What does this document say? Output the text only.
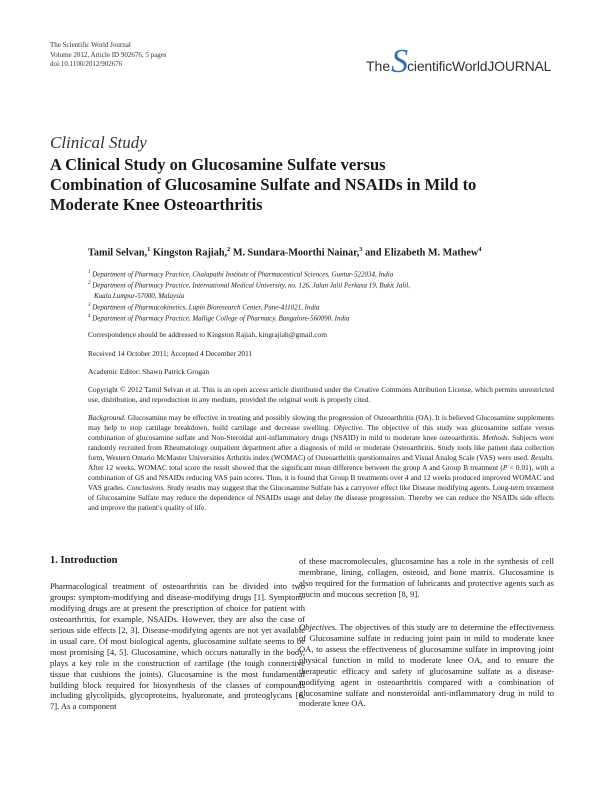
The Scientific World Journal
Volume 2012, Article ID 902676, 5 pages
doi:10.1100/2012/902676	The S cientific World JOURNAL
Clinical Study
A Clinical Study on Glucosamine Sulfate versus
Combination of Glucosamine Sulfate and NSAIDs in Mild to
Moderate Knee Osteoarthritis
Tamil Selvan,$^1$ Kingston Rajiah,$^2$ M. Sundara-Moorthi Nainar,$^3$ and Elizabeth M. Mathew$^4$
$^1$ Department of Pharmacy Practice, Chalapathi Institute of Pharmaceutical Sciences, Guntur-522034, India
$^2$ Department of Pharmacy Practice, International Medical University, no. 126, Jalan Jalil Perkasa 19, Bukit Jalil,
Kuala Lumpur-57000, Malaysia
$^3$ Department of Pharmacokinetics, Lupin Bioresearch Center, Pune-411021, India
$^4$ Department of Pharmacy Practice, Mallige College of Pharmacy, Bangalore-560090, India
Correspondence should be addressed to Kingston Rajiah, kingrajiah@gmail.com
Received 14 October 2011; Accepted 4 December 2011
Academic Editor: Shawn Patrick Grogan
Copyright © 2012 Tamil Selvan et al. This is an open access article distributed under the Creative Commons Attribution License, which permits unrestricted use, distribution, and reproduction in any medium, provided the original work is properly cited.
Background. Glucosamine may be effective in treating and possibly slowing the progression of Osteoarthritis (OA). It is believed Glucosamine supplements may help to stop cartilage breakdown, build cartilage and decrease swelling. Objective. The objective of this study was glucosamine sulfate versus combination of glucosamine sulfate and Non-Steroidal anti-inflammatory drugs (NSAID) in mild to moderate knee osteoarthritis. Methods. Subjects were randomly recruited from Rheumatology outpatient department after a diagnosis of mild or moderate Osteoarthritis. Study tools like patient data collection form, Western Ontario McMaster Universities Arthritis index (WOMAC) of Osteoarthritis questionnaires and Visual Analog Scale (VAS) were used. Results. After 12 weeks, WOMAC total score the result showed that the significant mean difference between the group A and Group B treatment (P < 0.01), with a combination of GS and NSAIDs reducing VAS pain scores. Thus, it is found that Group B treatments over 4 and 12 weeks produced improved WOMAC and VAS grades. Conclusions. Study results may suggest that the Glucosamine Sulfate has a carryover effect like Disease modifying agents. Long-term treatment of Glucosamine Sulfate may reduce the dependence of NSAIDs usage and delay the disease progression. Thereby we can reduce the NSAIDs side effects and improve the patient's quality of life.
1. Introduction

Pharmacological treatment of osteoarthritis can be divided into two groups: symptom-modifying and disease-modifying drugs [1]. Symptom-modifying drugs are at present the prescription of choice for patient with osteoarthritis, for example, NSAIDs. However, they are also the case of serious side effects [2, 3]. Disease-modifying agents are not yet available in usual care. Of most biological agents, glucosamine sulfate seems to be most promising [4, 5]. Glucosamine, which occurs naturally in the body, plays a key role in the construction of cartilage (the tough connective tissue that cushions the joints). Glucosamine is the most fundamental building block required for biosynthesis of the classes of compounds including glycolipids, glycoproteins, hyaluronate, and proteoglycans [6, 7]. As a component

of these macromolecules, glucosamine has a role in the synthesis of cell membrane, lining, collagen, osteoid, and bone matrix. Glucosamine is also required for the formation of lubricants and protective agents such as mucin and mucous secretion [8, 9].

Objectives. The objectives of this study are to determine the effectiveness of Glucosamine sulfate in reducing joint pain in mild to moderate knee OA, to assess the effectiveness of glucosamine sulfate in improving joint physical function in mild to moderate knee OA, and to ensure the therapeutic efficacy and safety of glucosamine sulfate as a disease-modifying agent in osteoarthritis compared with a combination of glucosamine sulfate and nonsteroidal anti-inflammatory drug in mild to moderate knee OA.
